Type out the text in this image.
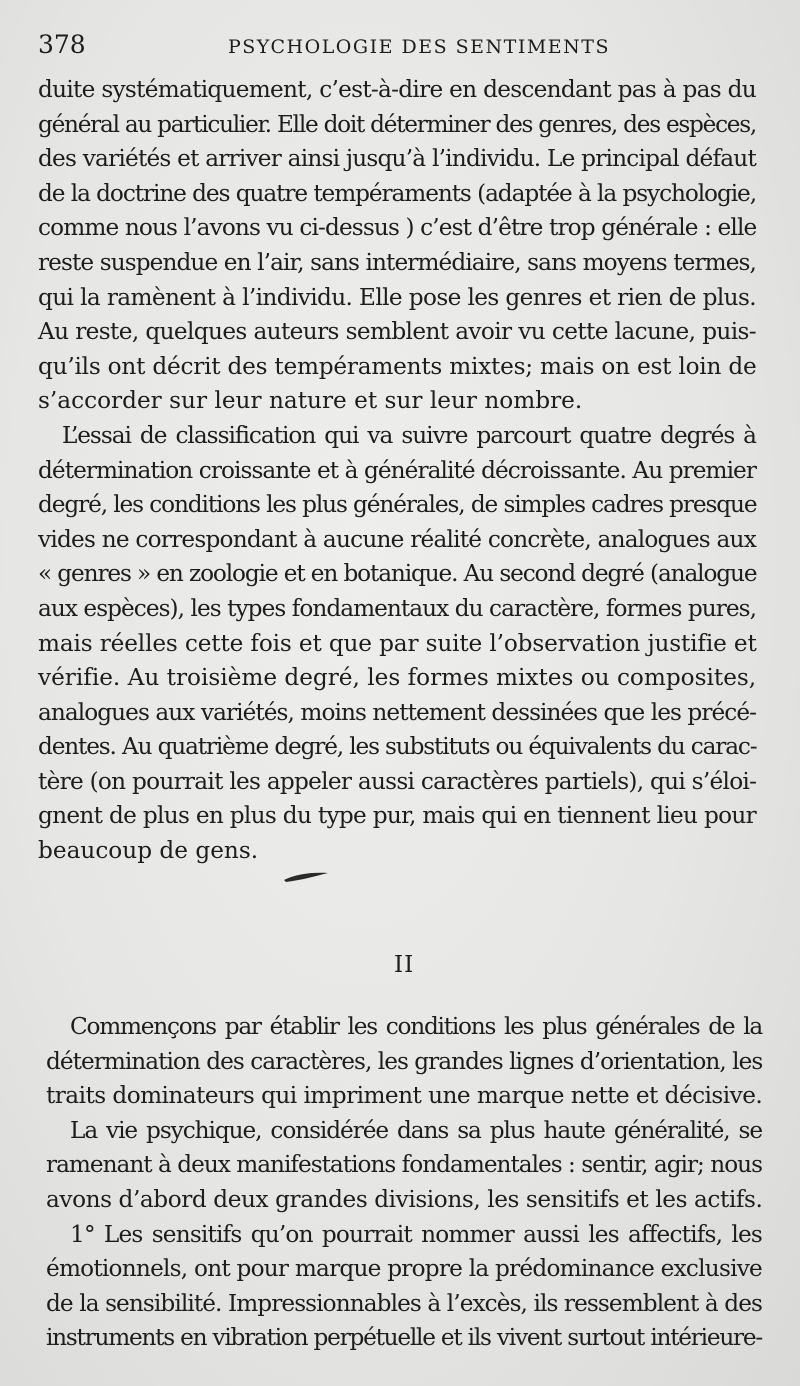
378	PSYCHOLOGIE DES SENTIMENTS

duite systématiquement, c’est-à-dire en descendant pas à pas du
général au particulier. Elle doit déterminer des genres, des espèces,
des variétés et arriver ainsi jusqu’à l’individu. Le principal défaut
de la doctrine des quatre tempéraments (adaptée à la psychologie,
comme nous l’avons vu ci-dessus ) c’est d’être trop générale : elle
reste suspendue en l’air, sans intermédiaire, sans moyens termes,
qui la ramènent à l’individu. Elle pose les genres et rien de plus.
Au reste, quelques auteurs semblent avoir vu cette lacune, puis-
qu’ils ont décrit des tempéraments mixtes; mais on est loin de
s’accorder sur leur nature et sur leur nombre.

L’essai de classification qui va suivre parcourt quatre degrés à
détermination croissante et à généralité décroissante. Au premier
degré, les conditions les plus générales, de simples cadres presque
vides ne correspondant à aucune réalité concrète, analogues aux
« genres » en zoologie et en botanique. Au second degré (analogue
aux espèces), les types fondamentaux du caractère, formes pures,
mais réelles cette fois et que par suite l’observation justifie et
vérifie. Au troisième degré, les formes mixtes ou composites,
analogues aux variétés, moins nettement dessinées que les précé-
dentes. Au quatrième degré, les substituts ou équivalents du carac-
tère (on pourrait les appeler aussi caractères partiels), qui s’éloi-
gnent de plus en plus du type pur, mais qui en tiennent lieu pour
beaucoup de gens.

II

Commençons par établir les conditions les plus générales de la
détermination des caractères, les grandes lignes d’orientation, les
traits dominateurs qui impriment une marque nette et décisive.

La vie psychique, considérée dans sa plus haute généralité, se
ramenant à deux manifestations fondamentales : sentir, agir; nous
avons d’abord deux grandes divisions, les sensitifs et les actifs.

1° Les sensitifs qu’on pourrait nommer aussi les affectifs, les
émotionnels, ont pour marque propre la prédominance exclusive
de la sensibilité. Impressionnables à l’excès, ils ressemblent à des
instruments en vibration perpétuelle et ils vivent surtout intérieure-
